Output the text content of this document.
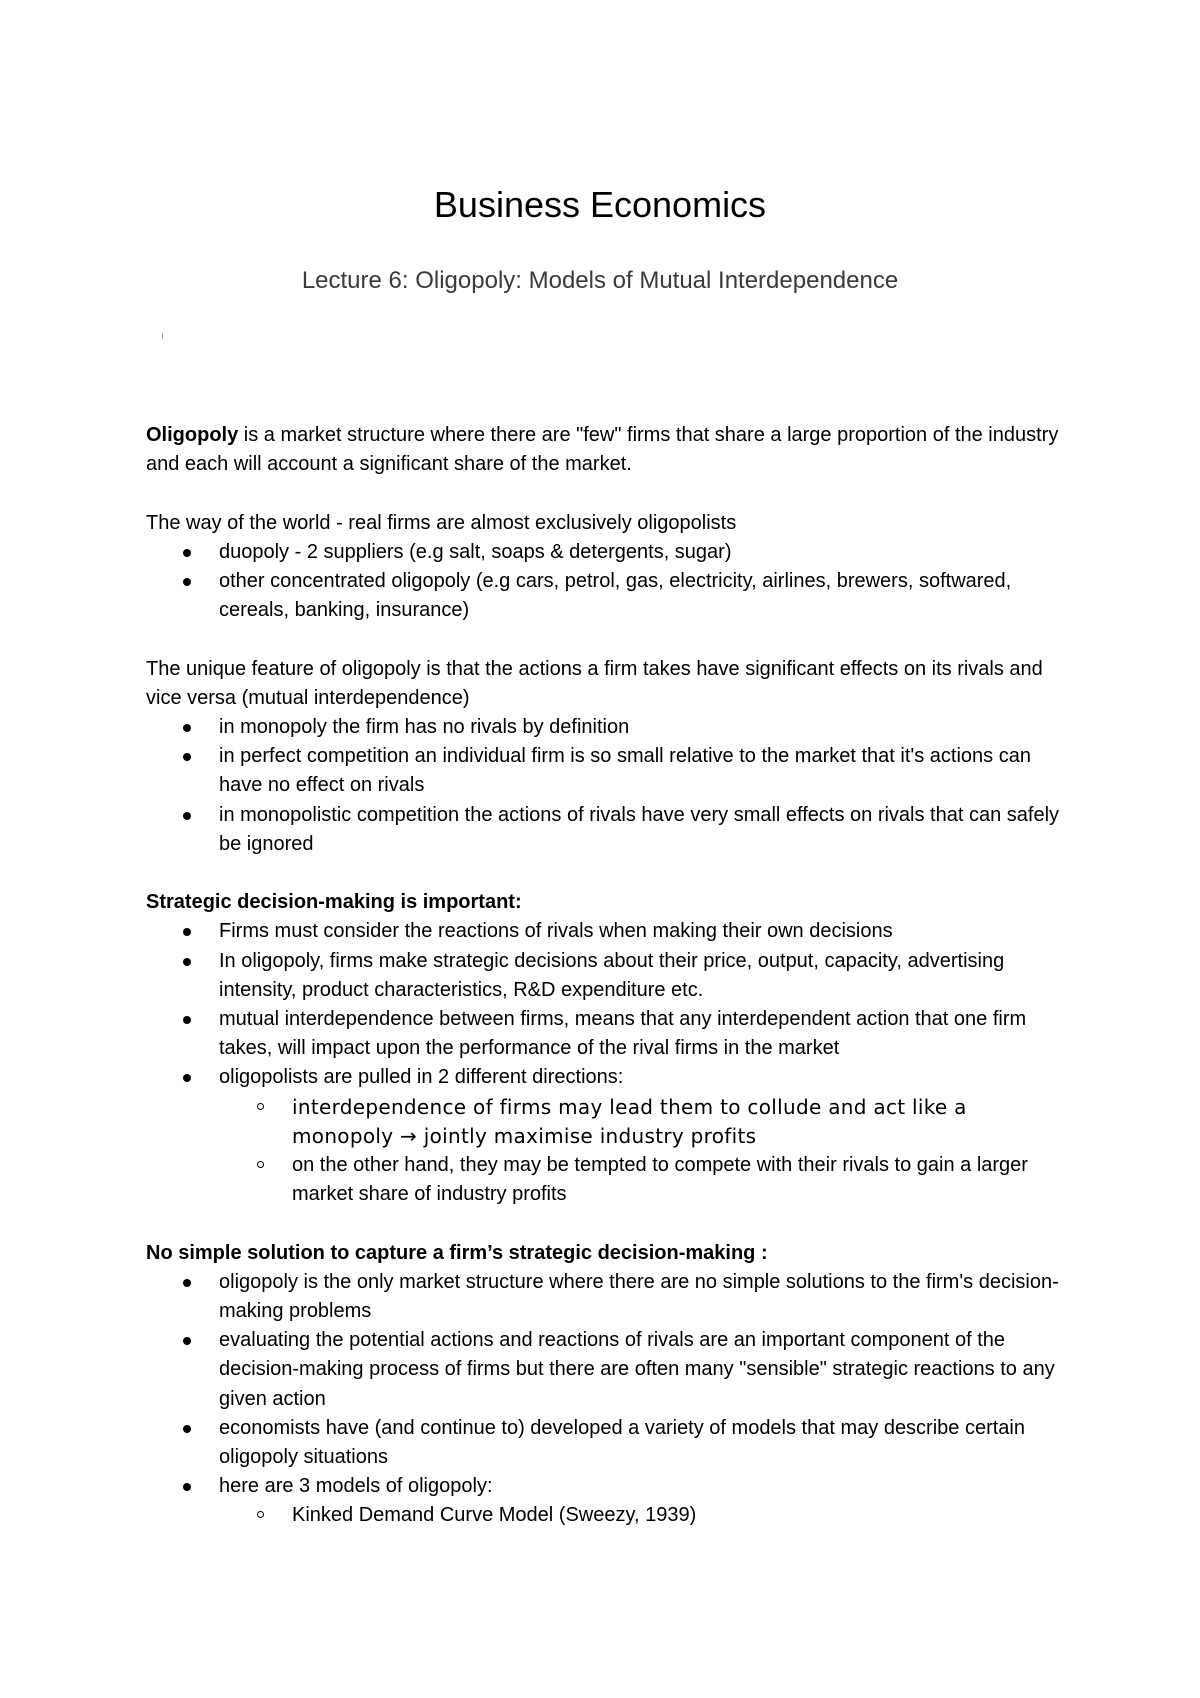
Business Economics
Lecture 6: Oligopoly: Models of Mutual Interdependence

Oligopoly is a market structure where there are "few" firms that share a large proportion of the industry and each will account a significant share of the market.

The way of the world - real firms are almost exclusively oligopolists

duopoly - 2 suppliers (e.g salt, soaps & detergents, sugar)
other concentrated oligopoly (e.g cars, petrol, gas, electricity, airlines, brewers, softwared, cereals, banking, insurance)

The unique feature of oligopoly is that the actions a firm takes have significant effects on its rivals and vice versa (mutual interdependence)

in monopoly the firm has no rivals by definition
in perfect competition an individual firm is so small relative to the market that it's actions can have no effect on rivals
in monopolistic competition the actions of rivals have very small effects on rivals that can safely be ignored

Strategic decision-making is important:

Firms must consider the reactions of rivals when making their own decisions
In oligopoly, firms make strategic decisions about their price, output, capacity, advertising intensity, product characteristics, R&D expenditure etc.
mutual interdependence between firms, means that any interdependent action that one firm takes, will impact upon the performance of the rival firms in the market
oligopolists are pulled in 2 different directions:
interdependence of firms may lead them to collude and act like a monopoly → jointly maximise industry profits
on the other hand, they may be tempted to compete with their rivals to gain a larger market share of industry profits

No simple solution to capture a firm’s strategic decision-making :

oligopoly is the only market structure where there are no simple solutions to the firm's decision-making problems
evaluating the potential actions and reactions of rivals are an important component of the decision-making process of firms but there are often many "sensible" strategic reactions to any given action
economists have (and continue to) developed a variety of models that may describe certain oligopoly situations
here are 3 models of oligopoly:
Kinked Demand Curve Model (Sweezy, 1939)
